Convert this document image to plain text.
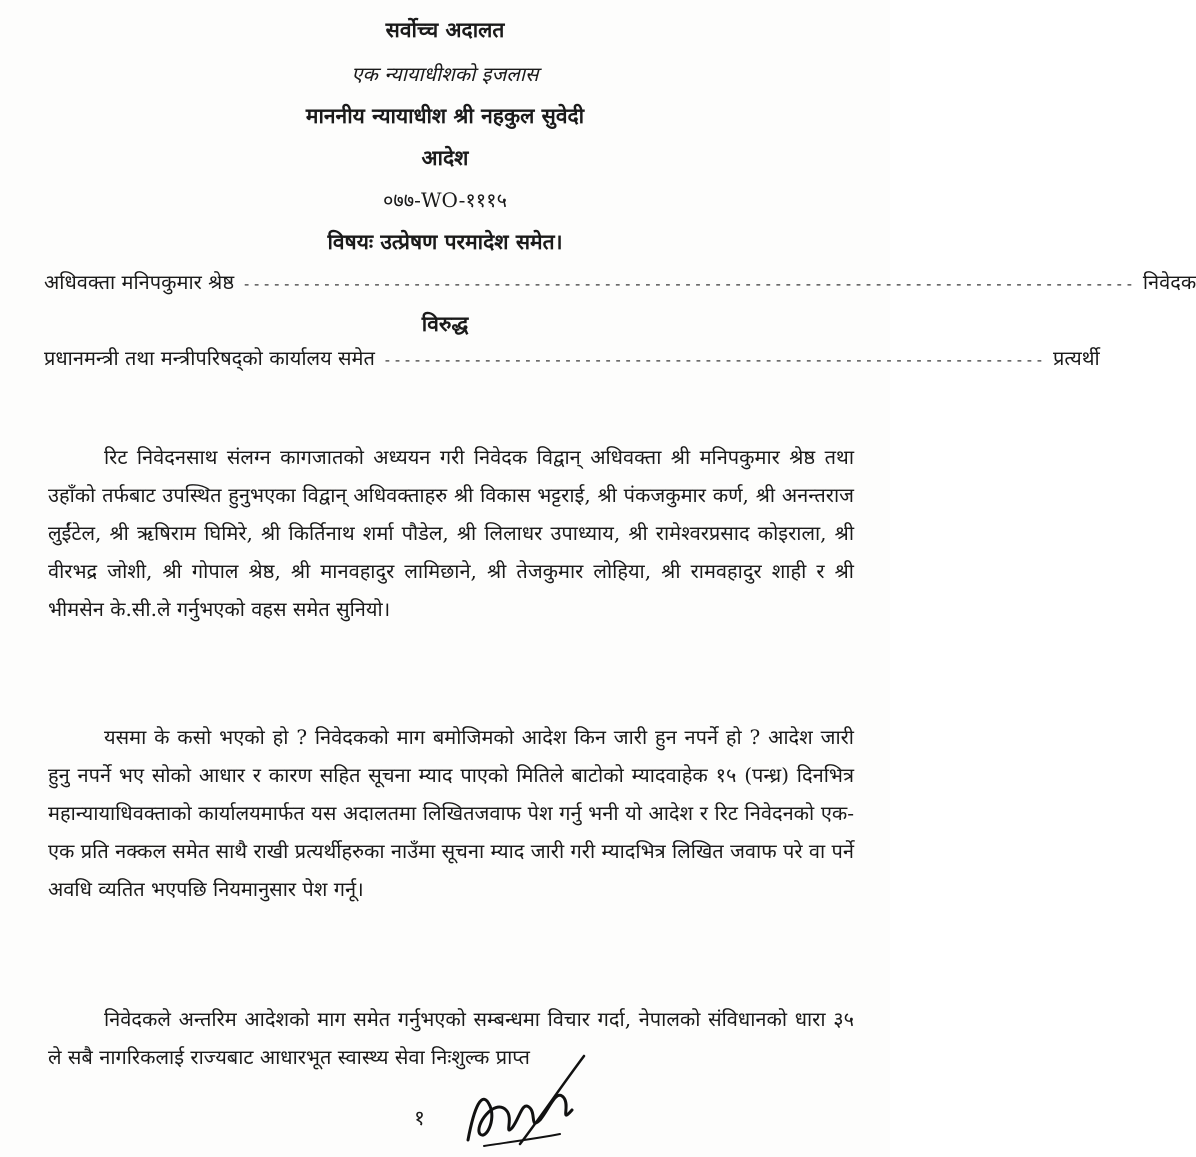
सर्वोच्च अदालत
एक न्यायाधीशको इजलास
माननीय न्यायाधीश श्री नहकुल सुवेदी
आदेश
०७७-WO-१११५
विषयः उत्प्रेषण परमादेश समेत।
अधिवक्ता मनिपकुमार श्रेष्ठ ----------------------------------------------------------------------------------------- निवेदक
विरुद्ध
प्रधानमन्त्री तथा मन्त्रीपरिषद्को कार्यालय समेत ------------------------------------------------------------------ प्रत्यर्थी

रिट निवेदनसाथ संलग्न कागजातको अध्ययन गरी निवेदक विद्वान् अधिवक्ता श्री मनिपकुमार श्रेष्ठ तथा उहाँको तर्फबाट उपस्थित हुनुभएका विद्वान् अधिवक्ताहरु श्री विकास भट्टराई, श्री पंकजकुमार कर्ण, श्री अनन्तराज लुईंटेल, श्री ऋषिराम घिमिरे, श्री किर्तिनाथ शर्मा पौडेल, श्री लिलाधर उपाध्याय, श्री रामेश्वरप्रसाद कोइराला, श्री वीरभद्र जोशी, श्री गोपाल श्रेष्ठ, श्री मानवहादुर लामिछाने, श्री तेजकुमार लोहिया, श्री रामवहादुर शाही र श्री भीमसेन के.सी.ले गर्नुभएको वहस समेत सुनियो।

यसमा के कसो भएको हो ? निवेदकको माग बमोजिमको आदेश किन जारी हुन नपर्ने हो ? आदेश जारी हुनु नपर्ने भए सोको आधार र कारण सहित सूचना म्याद पाएको मितिले बाटोको म्यादवाहेक १५ (पन्ध्र) दिनभित्र महान्यायाधिवक्ताको कार्यालयमार्फत यस अदालतमा लिखितजवाफ पेश गर्नु भनी यो आदेश र रिट निवेदनको एक-एक प्रति नक्कल समेत साथै राखी प्रत्यर्थीहरुका नाउँमा सूचना म्याद जारी गरी म्यादभित्र लिखित जवाफ परे वा पर्ने अवधि व्यतित भएपछि नियमानुसार पेश गर्नू।

निवेदकले अन्तरिम आदेशको माग समेत गर्नुभएको सम्बन्धमा विचार गर्दा, नेपालको संविधानको धारा ३५ ले सबै नागरिकलाई राज्यबाट आधारभूत स्वास्थ्य सेवा निःशुल्क प्राप्त

१
